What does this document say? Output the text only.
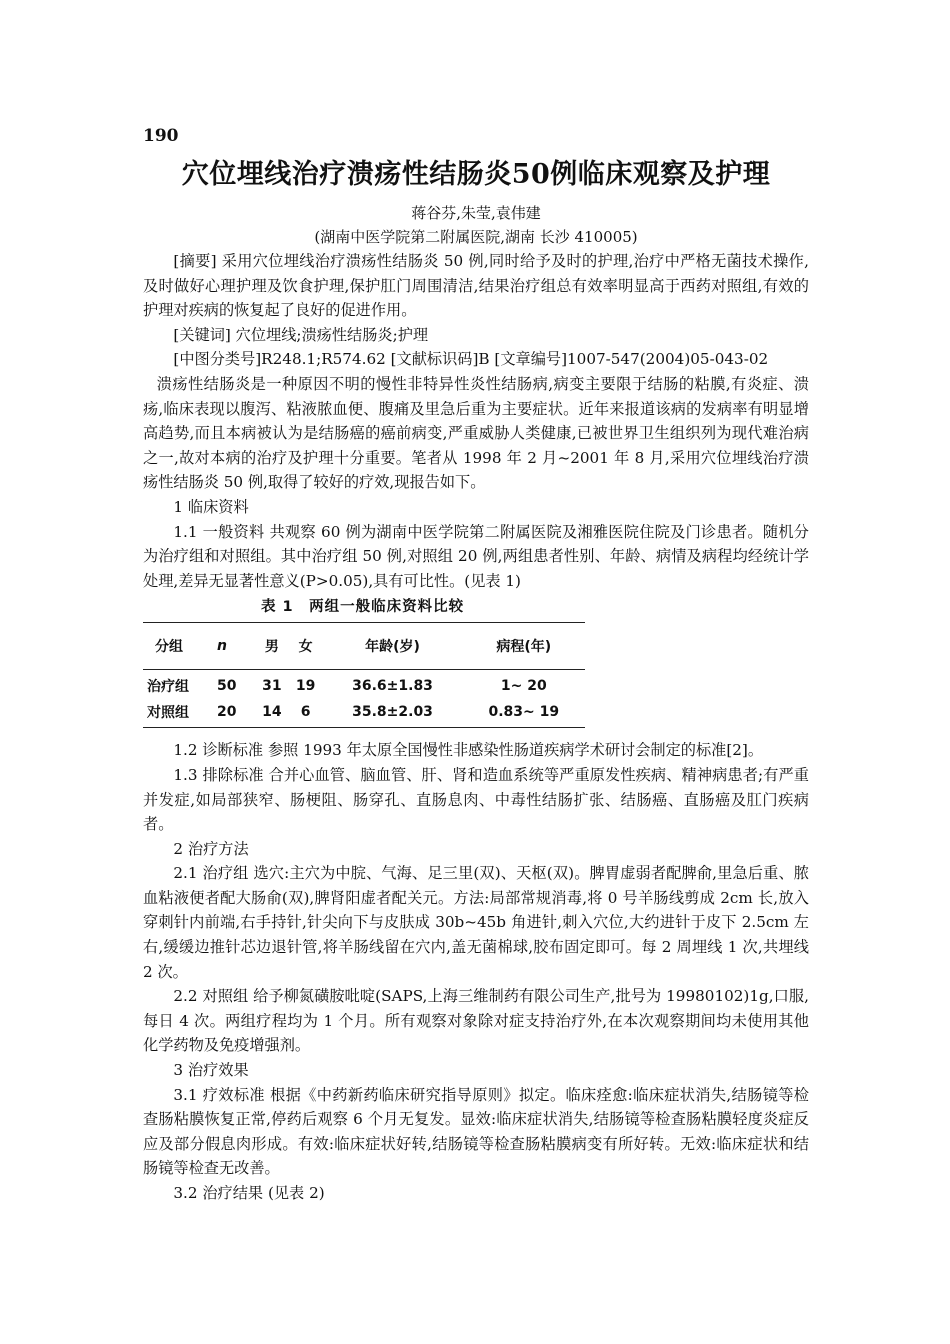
190
穴位埋线治疗溃疡性结肠炎50例临床观察及护理

蒋谷芬,朱莹,袁伟建

(湖南中医学院第二附属医院,湖南 长沙 410005)

[摘要] 采用穴位埋线治疗溃疡性结肠炎 50 例,同时给予及时的护理,治疗中严格无菌技术操作,及时做好心理护理及饮食护理,保护肛门周围清洁,结果治疗组总有效率明显高于西药对照组,有效的护理对疾病的恢复起了良好的促进作用。

[关键词] 穴位埋线;溃疡性结肠炎;护理

[中图分类号]R248.1;R574.62 [文献标识码]B [文章编号]1007-547(2004)05-043-02

溃疡性结肠炎是一种原因不明的慢性非特异性炎性结肠病,病变主要限于结肠的粘膜,有炎症、溃疡,临床表现以腹泻、粘液脓血便、腹痛及里急后重为主要症状。近年来报道该病的发病率有明显增高趋势,而且本病被认为是结肠癌的癌前病变,严重威胁人类健康,已被世界卫生组织列为现代难治病之一,故对本病的治疗及护理十分重要。笔者从 1998 年 2 月~2001 年 8 月,采用穴位埋线治疗溃疡性结肠炎 50 例,取得了较好的疗效,现报告如下。

1 临床资料

1.1 一般资料 共观察 60 例为湖南中医学院第二附属医院及湘雅医院住院及门诊患者。随机分为治疗组和对照组。其中治疗组 50 例,对照组 20 例,两组患者性别、年龄、病情及病程均经统计学处理,差异无显著性意义(P>0.05),具有可比性。(见表 1)

表 1　两组一般临床资料比较
分组	n	男	女	年龄(岁)	病程(年)
治疗组	50	31	19	36.6±1.83	1~ 20
对照组	20	14	6	35.8±2.03	0.83~ 19

1.2 诊断标准 参照 1993 年太原全国慢性非感染性肠道疾病学术研讨会制定的标准[2]。

1.3 排除标准 合并心血管、脑血管、肝、肾和造血系统等严重原发性疾病、精神病患者;有严重并发症,如局部狭窄、肠梗阻、肠穿孔、直肠息肉、中毒性结肠扩张、结肠癌、直肠癌及肛门疾病者。

2 治疗方法

2.1 治疗组 选穴:主穴为中脘、气海、足三里(双)、天枢(双)。脾胃虚弱者配脾俞,里急后重、脓血粘液便者配大肠俞(双),脾肾阳虚者配关元。方法:局部常规消毒,将 0 号羊肠线剪成 2cm 长,放入穿刺针内前端,右手持针,针尖向下与皮肤成 30b~45b 角进针,刺入穴位,大约进针于皮下 2.5cm 左右,缓缓边推针芯边退针管,将羊肠线留在穴内,盖无菌棉球,胶布固定即可。每 2 周埋线 1 次,共埋线 2 次。

2.2 对照组 给予柳氮磺胺吡啶(SAPS,上海三维制药有限公司生产,批号为 19980102)1g,口服,每日 4 次。两组疗程均为 1 个月。所有观察对象除对症支持治疗外,在本次观察期间均未使用其他化学药物及免疫增强剂。

3 治疗效果

3.1 疗效标准 根据《中药新药临床研究指导原则》拟定。临床痊愈:临床症状消失,结肠镜等检查肠粘膜恢复正常,停药后观察 6 个月无复发。显效:临床症状消失,结肠镜等检查肠粘膜轻度炎症反应及部分假息肉形成。有效:临床症状好转,结肠镜等检查肠粘膜病变有所好转。无效:临床症状和结肠镜等检查无改善。

3.2 治疗结果 (见表 2)
